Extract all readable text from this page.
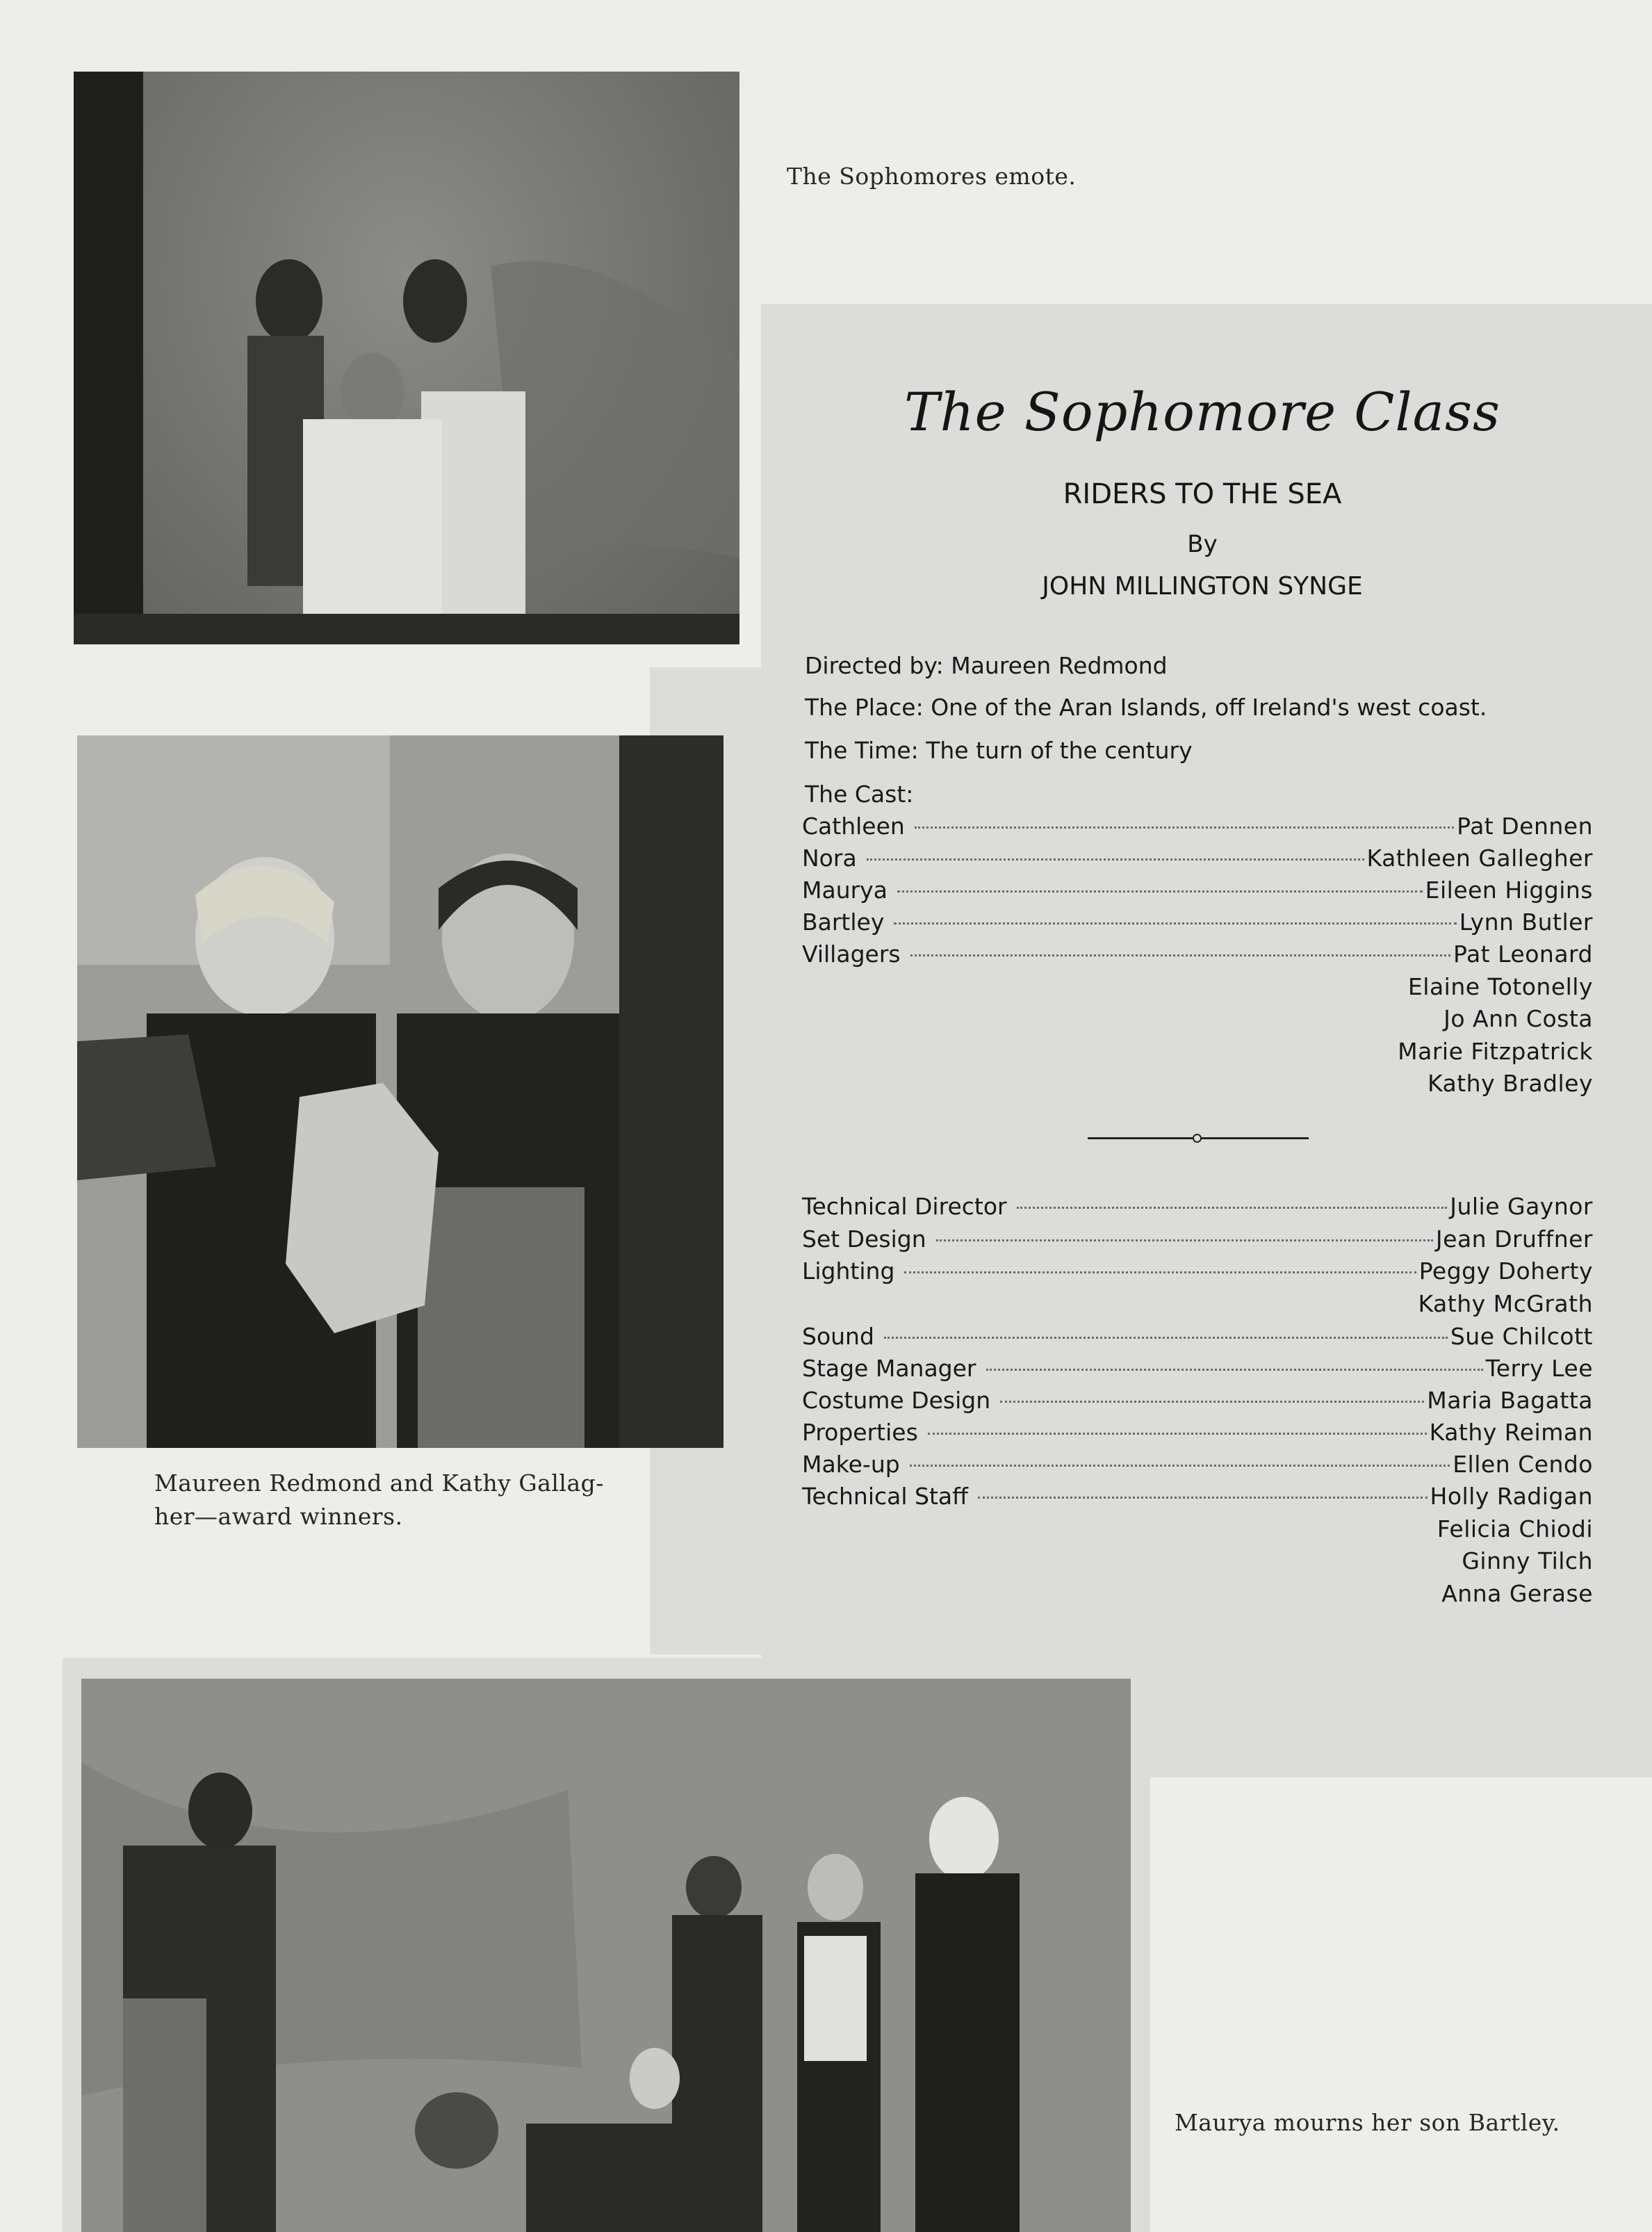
The Sophomores emote.
Maureen Redmond and Kathy Gallag-
her—award winners.
Maurya mourns her son Bartley.
The Sophomore Class
RIDERS TO THE SEA
By
JOHN MILLINGTON SYNGE
Directed by: Maureen Redmond
The Place: One of the Aran Islands, off Ireland's west coast.
The Time: The turn of the century
The Cast:
Cathleen	Pat Dennen
Nora	Kathleen Gallegher
Maurya	Eileen Higgins
Bartley	Lynn Butler
Villagers	Pat Leonard
Elaine Totonelly
Jo Ann Costa
Marie Fitzpatrick
Kathy Bradley
Technical Director	Julie Gaynor
Set Design	Jean Druffner
Lighting	Peggy Doherty
Kathy McGrath
Sound	Sue Chilcott
Stage Manager	Terry Lee
Costume Design	Maria Bagatta
Properties	Kathy Reiman
Make-up	Ellen Cendo
Technical Staff	Holly Radigan
Felicia Chiodi
Ginny Tilch
Anna Gerase
